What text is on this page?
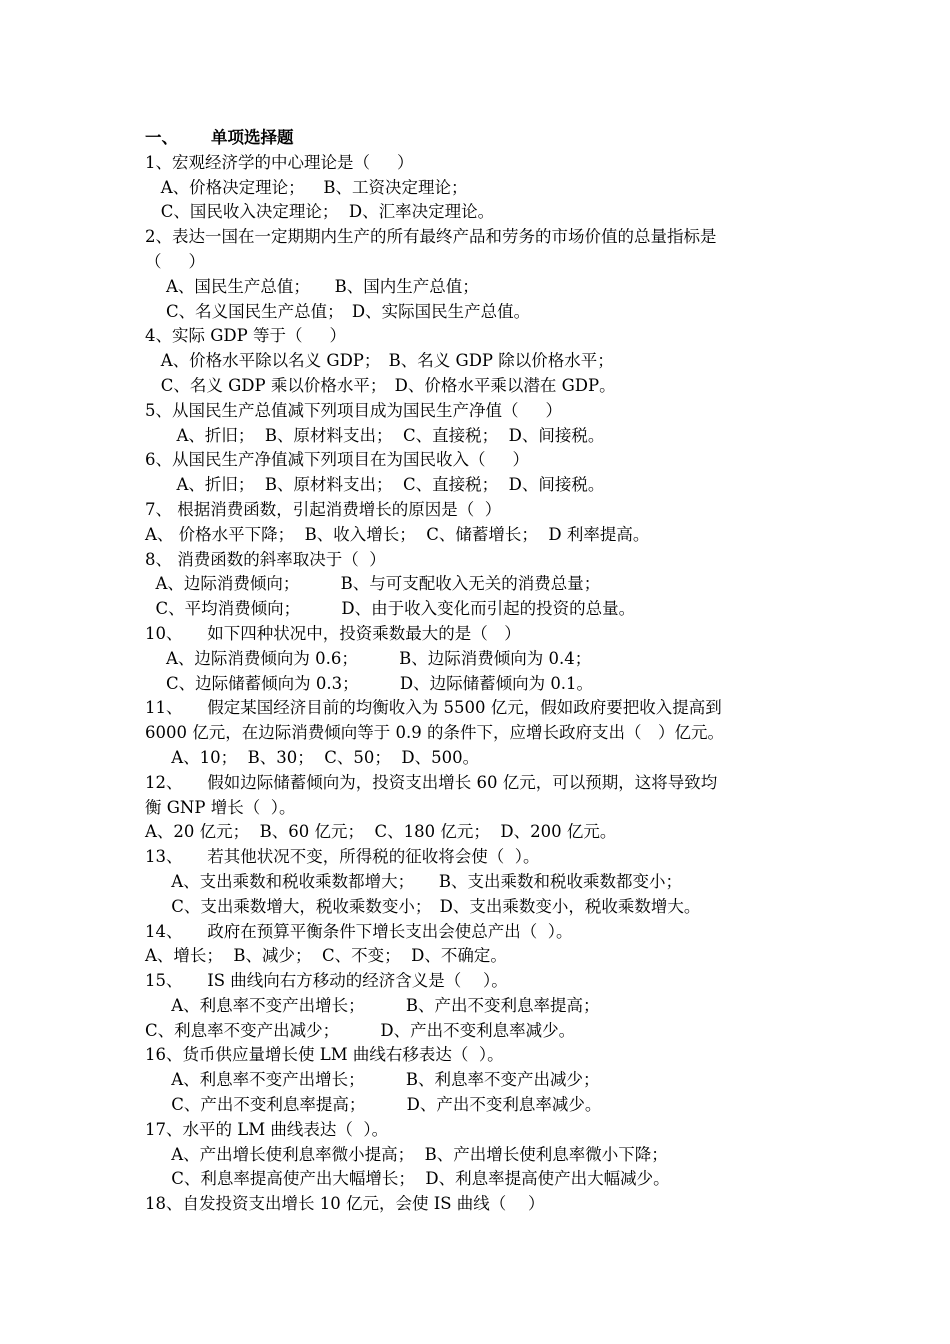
一、  单项选择题
1、宏观经济学的中心理论是（　  ）
A、价格决定理论；　  B、工资决定理论；
C、国民收入决定理论；  D、汇率决定理论。
2、表达一国在一定期期内生产的所有最终产品和劳务的市场价值的总量指标是
（　  ）
A、国民生产总值；　　B、国内生产总值；
C、名义国民生产总值；　D、实际国民生产总值。
4、实际 GDP 等于（　  ）
A、价格水平除以名义 GDP；　B、名义 GDP 除以价格水平；
C、名义 GDP 乘以价格水平；　D、价格水平乘以潜在 GDP。
5、从国民生产总值减下列项目成为国民生产净值（　  ）
A、折旧；  B、原材料支出；  C、直接税；  D、间接税。
6、从国民生产净值减下列项目在为国民收入（　  ）
A、折旧；  B、原材料支出；  C、直接税；  D、间接税。
7、 根据消费函数，引起消费增长的原因是（  ）
A、 价格水平下降；  B、收入增长；  C、储蓄增长；  D 利率提高。
8、 消费函数的斜率取决于（  ）
A、边际消费倾向；　　　B、与可支配收入无关的消费总量；
C、平均消费倾向；　　　D、由于收入变化而引起的投资的总量。
10、　　如下四种状况中，投资乘数最大的是（　）
A、边际消费倾向为 0.6；　　　B、边际消费倾向为 0.4；
C、边际储蓄倾向为 0.3；　　　D、边际储蓄倾向为 0.1。
11、　　假定某国经济目前的均衡收入为 5500 亿元，假如政府要把收入提高到
6000 亿元，在边际消费倾向等于 0.9 的条件下，应增长政府支出（　）亿元。
A、10；  B、30；  C、50；  D、500。
12、　　假如边际储蓄倾向为，投资支出增长 60 亿元，可以预期，这将导致均
衡 GNP 增长（  ）。
A、20 亿元；  B、60 亿元；  C、180 亿元；  D、200 亿元。
13、　　若其他状况不变，所得税的征收将会使（  ）。
A、支出乘数和税收乘数都增大；　　B、支出乘数和税收乘数都变小；
C、支出乘数增大，税收乘数变小；　D、支出乘数变小，税收乘数增大。
14、　　政府在预算平衡条件下增长支出会使总产出（  ）。
A、增长；  B、减少；  C、不变；  D、不确定。
15、　　IS 曲线向右方移动的经济含义是（　 ）。
A、利息率不变产出增长；　　　B、产出不变利息率提高；
C、利息率不变产出减少；　　　D、产出不变利息率减少。
16、货币供应量增长使 LM 曲线右移表达（  ）。
A、利息率不变产出增长；　　　B、利息率不变产出减少；
C、产出不变利息率提高；　　　D、产出不变利息率减少。
17、水平的 LM 曲线表达（  ）。
A、产出增长使利息率微小提高；  B、产出增长使利息率微小下降；
C、利息率提高使产出大幅增长；  D、利息率提高使产出大幅减少。
18、自发投资支出增长 10 亿元，会使 IS 曲线（　 ）
